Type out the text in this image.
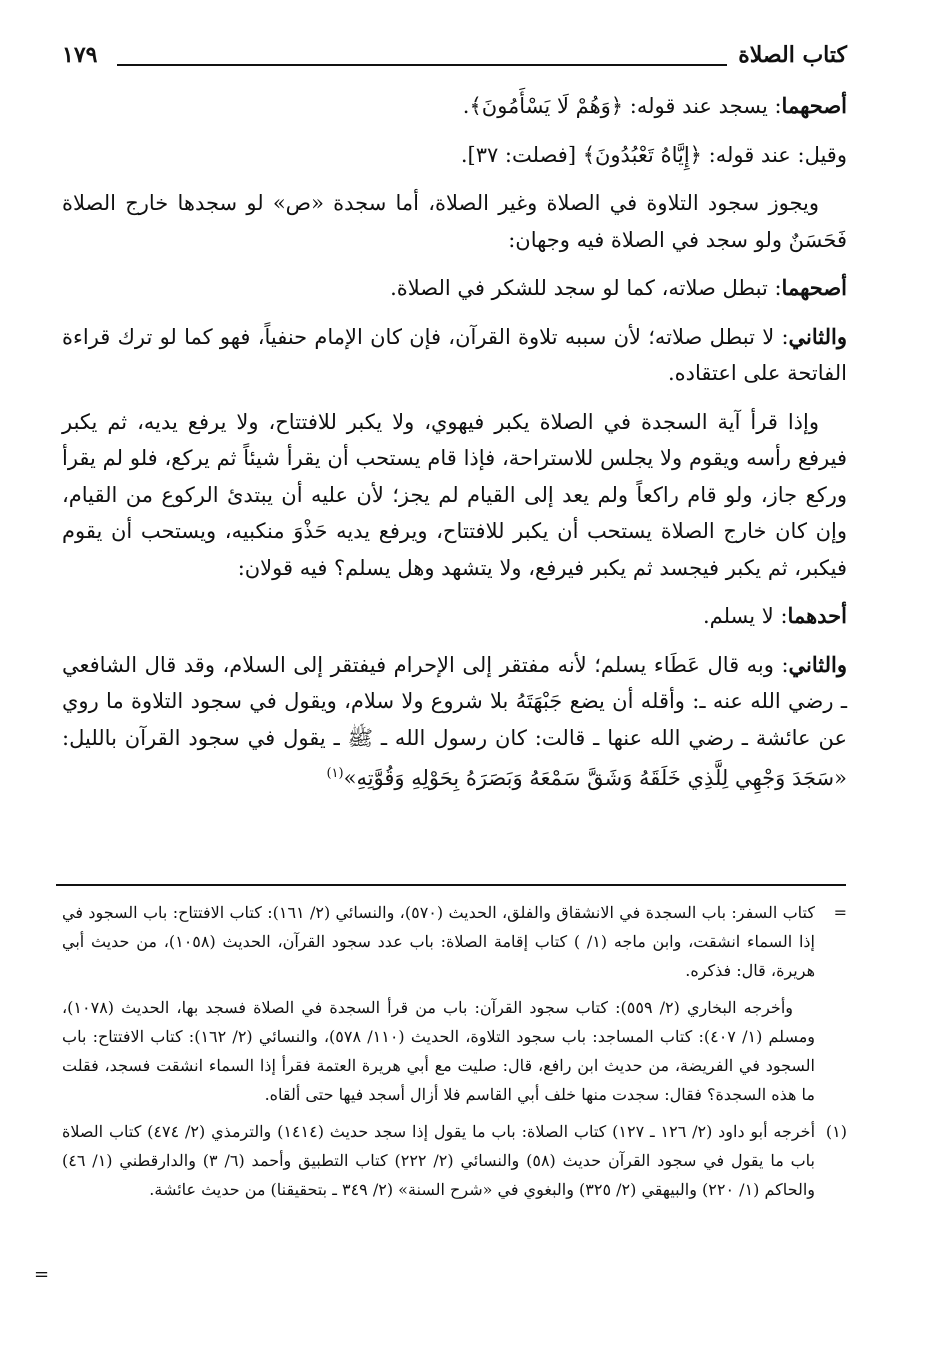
١٧٩	كتاب الصلاة

أصحهما: يسجد عند قوله: ﴿وَهُمْ لَا يَسْأَمُونَ﴾.

وقيل: عند قوله: ﴿إِيَّاهُ تَعْبُدُونَ﴾ [فصلت: ٣٧].

ويجوز سجود التلاوة في الصلاة وغير الصلاة، أما سجدة «ص» لو سجدها خارج الصلاة فَحَسَنٌ ولو سجد في الصلاة فيه وجهان:

أصحهما: تبطل صلاته، كما لو سجد للشكر في الصلاة.

والثاني: لا تبطل صلاته؛ لأن سببه تلاوة القرآن، فإن كان الإمام حنفياً، فهو كما لو ترك قراءة الفاتحة على اعتقاده.

وإذا قرأ آية السجدة في الصلاة يكبر فيهوي، ولا يكبر للافتتاح، ولا يرفع يديه، ثم يكبر فيرفع رأسه ويقوم ولا يجلس للاستراحة، فإذا قام يستحب أن يقرأ شيئاً ثم يركع، فلو لم يقرأ وركع جاز، ولو قام راكعاً ولم يعد إلى القيام لم يجز؛ لأن عليه أن يبتدئ الركوع من القيام، وإن كان خارج الصلاة يستحب أن يكبر للافتتاح، ويرفع يديه حَذْوَ منكبيه، ويستحب أن يقوم فيكبر، ثم يكبر فيجسد ثم يكبر فيرفع، ولا يتشهد وهل يسلم؟ فيه قولان:

أحدهما: لا يسلم.

والثاني: وبه قال عَطَاء يسلم؛ لأنه مفتقر إلى الإحرام فيفتقر إلى السلام، وقد قال الشافعي ـ رضي الله عنه ـ: وأقله أن يضع جَبْهَتَهُ بلا شروع ولا سلام، ويقول في سجود التلاوة ما روي عن عائشة ـ رضي الله عنها ـ قالت: كان رسول الله ـ ﷺ ـ يقول في سجود القرآن بالليل: «سَجَدَ وَجْهِي لِلَّذِي خَلَقَهُ وَشَقَّ سَمْعَهُ وَبَصَرَهُ بِحَوْلِهِ وَقُوَّتِهِ»$^{(١)}$

=
كتاب السفر: باب السجدة في الانشقاق والفلق، الحديث (٥٧٠)، والنسائي (٢/ ١٦١): كتاب الافتتاح: باب السجود في إذا السماء انشقت، وابن ماجه (١/ ) كتاب إقامة الصلاة: باب عدد سجود القرآن، الحديث (١٠٥٨)، من حديث أبي هريرة، قال: فذكره.

وأخرجه البخاري (٢/ ٥٥٩): كتاب سجود القرآن: باب من قرأ السجدة في الصلاة فسجد بها، الحديث (١٠٧٨)، ومسلم (١/ ٤٠٧): كتاب المساجد: باب سجود التلاوة، الحديث (١١٠/ ٥٧٨)، والنسائي (٢/ ١٦٢): كتاب الافتتاح: باب السجود في الفريضة، من حديث ابن رافع، قال: صليت مع أبي هريرة العتمة فقرأ إذا السماء انشقت فسجد، فقلت ما هذه السجدة؟ فقال: سجدت منها خلف أبي القاسم فلا أزال أسجد فيها حتى ألقاه.

(١)
أخرجه أبو داود (٢/ ١٢٦ ـ ١٢٧) كتاب الصلاة: باب ما يقول إذا سجد حديث (١٤١٤) والترمذي (٢/ ٤٧٤) كتاب الصلاة باب ما يقول في سجود القرآن حديث (٥٨) والنسائي (٢/ ٢٢٢) كتاب التطبيق وأحمد (٦/ ٣) والدارقطني (١/ ٤٦) والحاكم (١/ ٢٢٠) والبيهقي (٢/ ٣٢٥) والبغوي في «شرح السنة» (٢/ ٣٤٩ ـ بتحقيقنا) من حديث عائشة.

=
